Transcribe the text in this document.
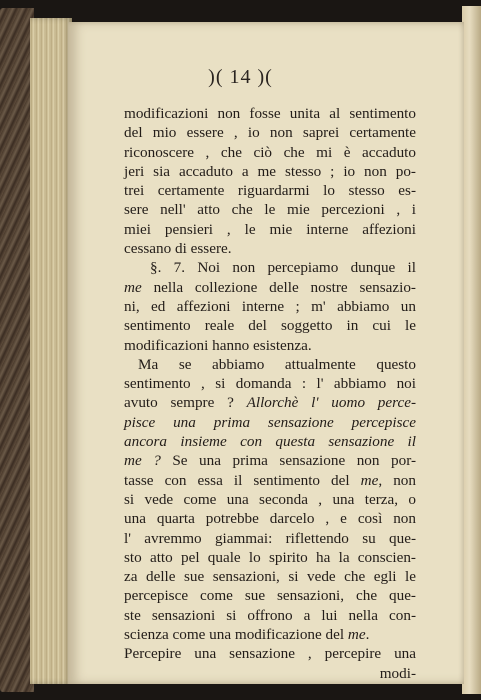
)( 14 )(
modificazioni non fosse unita al sentimento
del mio essere , io non saprei certamente
riconoscere , che ciò che mi è accaduto
jeri sia accaduto a me stesso ; io non po-
trei certamente riguardarmi lo stesso es-
sere nell' atto che le mie percezioni , i
miei pensieri , le mie interne affezioni
cessano di essere.
§. 7. Noi non percepiamo dunque il
me nella collezione delle nostre sensazio-
ni, ed affezioni interne ; m' abbiamo un
sentimento reale del soggetto in cui le
modificazioni hanno esistenza.
Ma se abbiamo attualmente questo
sentimento , si domanda : l' abbiamo noi
avuto sempre ? Allorchè l' uomo perce-
pisce una prima sensazione percepisce
ancora insieme con questa sensazione il
me ? Se una prima sensazione non por-
tasse con essa il sentimento del me, non
si vede come una seconda , una terza, o
una quarta potrebbe darcelo , e così non
l' avremmo giammai: riflettendo su que-
sto atto pel quale lo spirito ha la conscien-
za delle sue sensazioni, si vede che egli le
percepisce come sue sensazioni, che que-
ste sensazioni si offrono a lui nella con-
scienza come una modificazione del me.
Percepire una sensazione , percepire una
modi-
